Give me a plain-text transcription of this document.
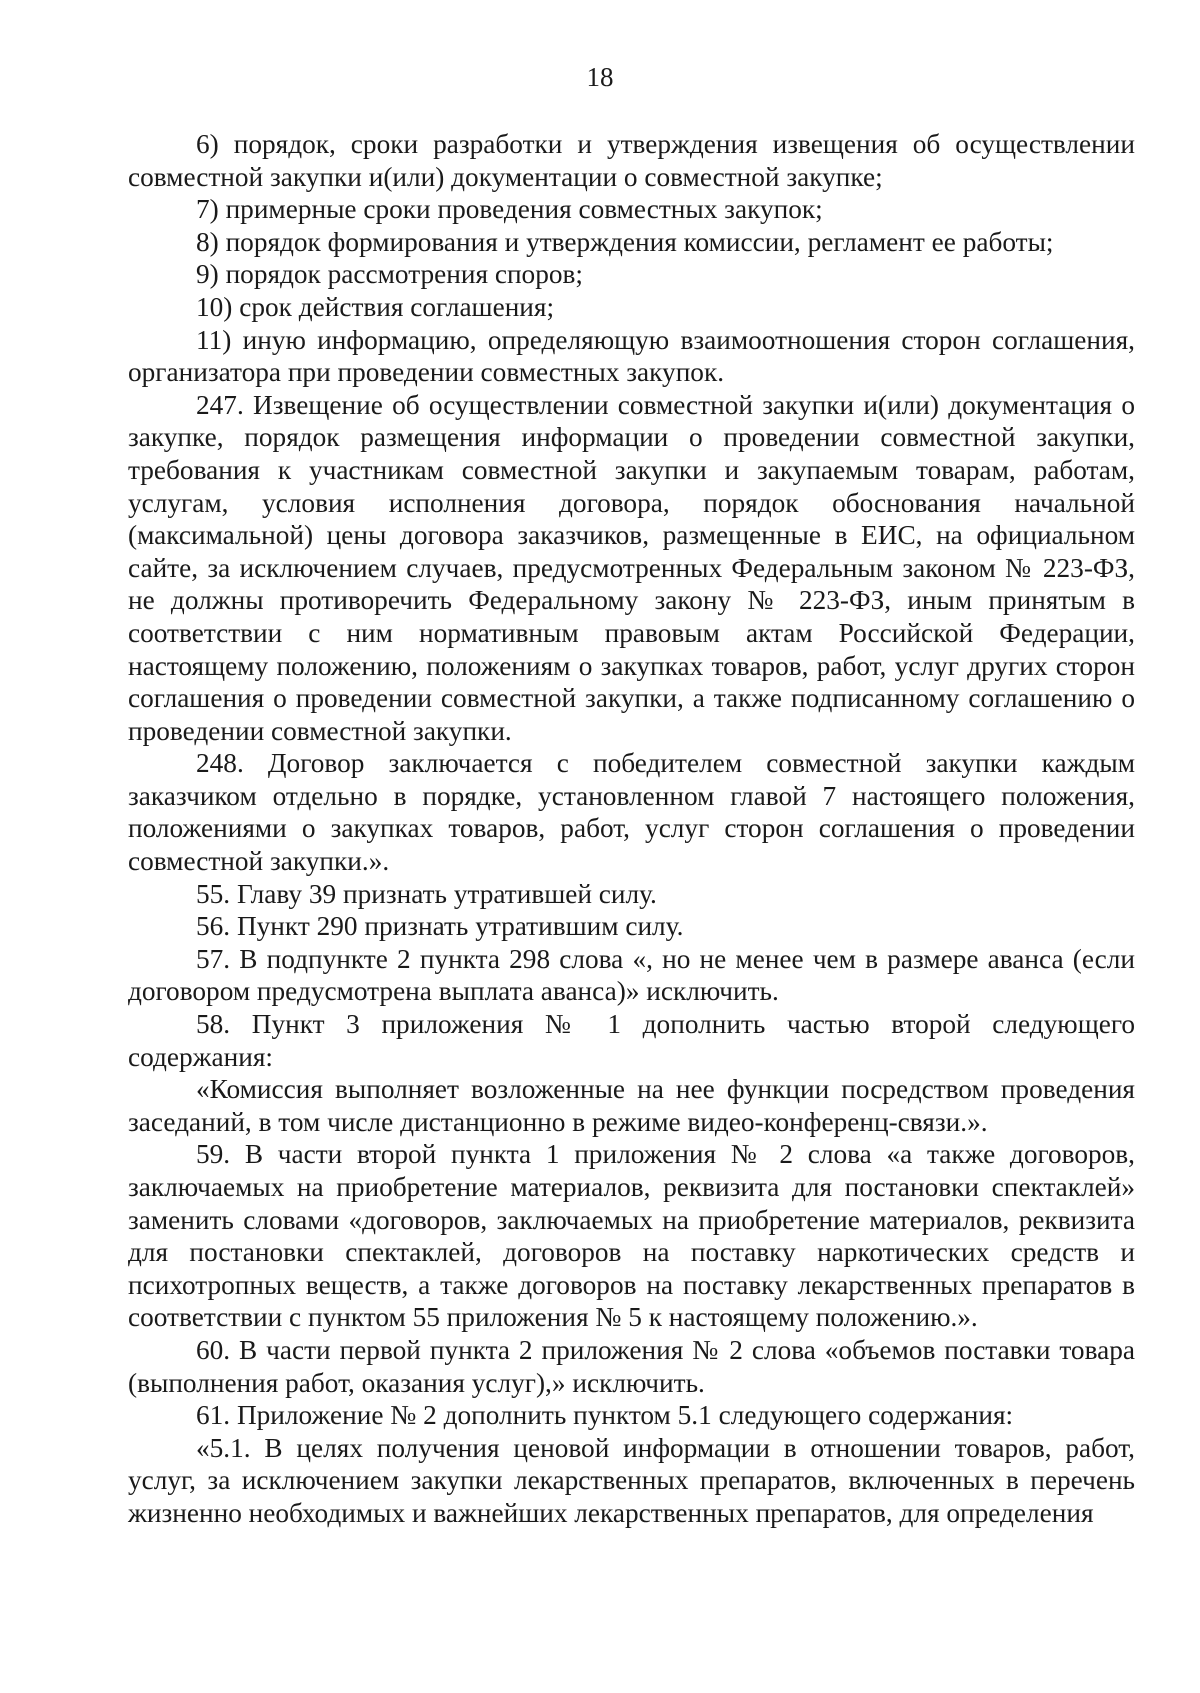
18

6) порядок, сроки разработки и утверждения извещения об осуществлении совместной закупки и(или) документации о совместной закупке;

7) примерные сроки проведения совместных закупок;

8) порядок формирования и утверждения комиссии, регламент ее работы;

9) порядок рассмотрения споров;

10) срок действия соглашения;

11) иную информацию, определяющую взаимоотношения сторон соглашения, организатора при проведении совместных закупок.

247. Извещение об осуществлении совместной закупки и(или) документация о закупке, порядок размещения информации о проведении совместной закупки, требования к участникам совместной закупки и закупаемым товарам, работам, услугам, условия исполнения договора, порядок обоснования начальной (максимальной) цены договора заказчиков, размещенные в ЕИС, на официальном сайте, за исключением случаев, предусмотренных Федеральным законом № 223-ФЗ, не должны противоречить Федеральному закону № 223-ФЗ, иным принятым в соответствии с ним нормативным правовым актам Российской Федерации, настоящему положению, положениям о закупках товаров, работ, услуг других сторон соглашения о проведении совместной закупки, а также подписанному соглашению о проведении совместной закупки.

248. Договор заключается с победителем совместной закупки каждым заказчиком отдельно в порядке, установленном главой 7 настоящего положения, положениями о закупках товаров, работ, услуг сторон соглашения о проведении совместной закупки.».

55. Главу 39 признать утратившей силу.

56. Пункт 290 признать утратившим силу.

57. В подпункте 2 пункта 298 слова «, но не менее чем в размере аванса (если договором предусмотрена выплата аванса)» исключить.

58. Пункт 3 приложения № 1 дополнить частью второй следующего содержания:

«Комиссия выполняет возложенные на нее функции посредством проведения заседаний, в том числе дистанционно в режиме видео-конференц-связи.».

59. В части второй пункта 1 приложения № 2 слова «а также договоров, заключаемых на приобретение материалов, реквизита для постановки спектаклей» заменить словами «договоров, заключаемых на приобретение материалов, реквизита для постановки спектаклей, договоров на поставку наркотических средств и психотропных веществ, а также договоров на поставку лекарственных препаратов в соответствии с пунктом 55 приложения № 5 к настоящему положению.».

60. В части первой пункта 2 приложения № 2 слова «объемов поставки товара (выполнения работ, оказания услуг),» исключить.

61. Приложение № 2 дополнить пунктом 5.1 следующего содержания:

«5.1. В целях получения ценовой информации в отношении товаров, работ, услуг, за исключением закупки лекарственных препаратов, включенных в перечень жизненно необходимых и важнейших лекарственных препаратов, для определения
